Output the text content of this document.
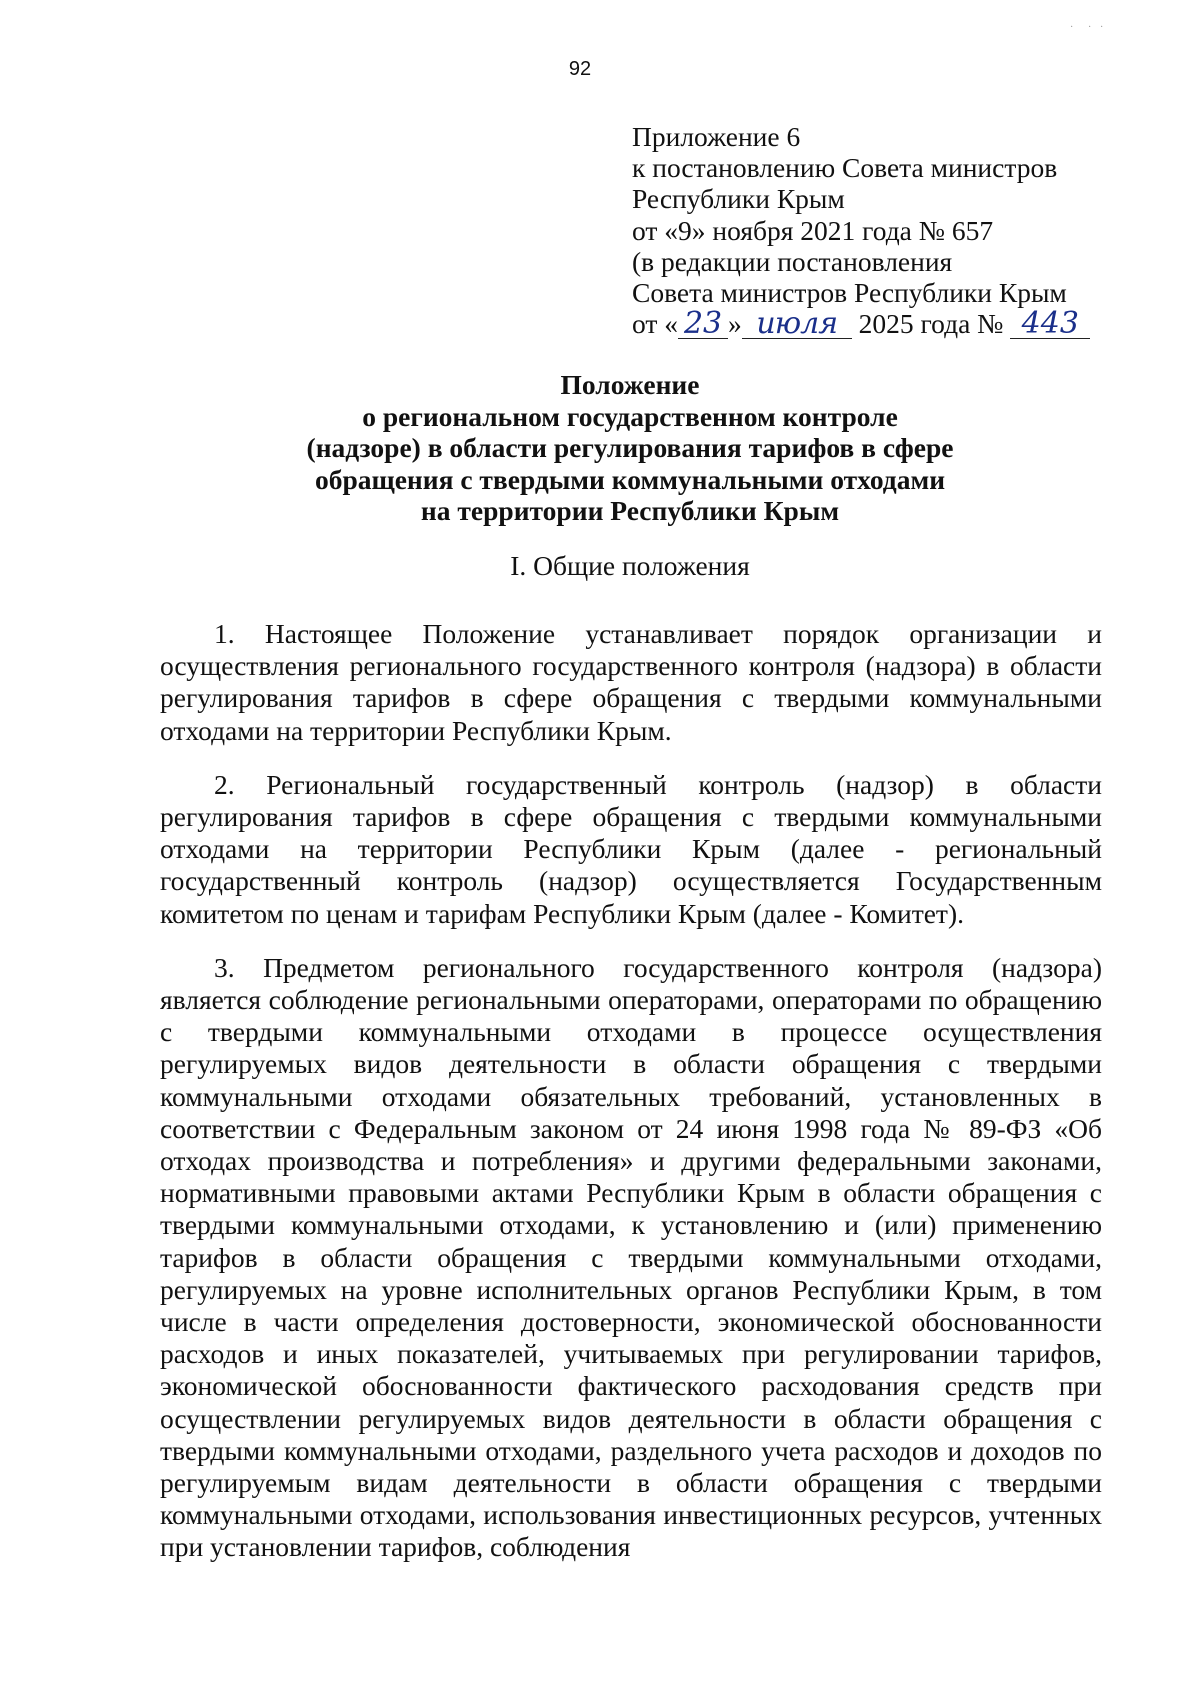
92
Приложение 6
к постановлению Совета министров
Республики Крым
от «9» ноября 2021 года № 657
(в редакции постановления
Совета министров Республики Крым
от « 23 » июля 2025 года № 443
Положение
о региональном государственном контроле
(надзоре) в области регулирования тарифов в сфере
обращения с твердыми коммунальными отходами
на территории Республики Крым
I. Общие положения

1. Настоящее Положение устанавливает порядок организации и осуществления регионального государственного контроля (надзора) в области регулирования тарифов в сфере обращения с твердыми коммунальными отходами на территории Республики Крым.

2. Региональный государственный контроль (надзор) в области регулирования тарифов в сфере обращения с твердыми коммунальными отходами на территории Республики Крым (далее - региональный государственный контроль (надзор) осуществляется Государственным комитетом по ценам и тарифам Республики Крым (далее - Комитет).

3. Предметом регионального государственного контроля (надзора) является соблюдение региональными операторами, операторами по обращению с твердыми коммунальными отходами в процессе осуществления регулируемых видов деятельности в области обращения с твердыми коммунальными отходами обязательных требований, установленных в соответствии с Федеральным законом от 24 июня 1998 года № 89-ФЗ «Об отходах производства и потребления» и другими федеральными законами, нормативными правовыми актами Республики Крым в области обращения с твердыми коммунальными отходами, к установлению и (или) применению тарифов в области обращения с твердыми коммунальными отходами, регулируемых на уровне исполнительных органов Республики Крым, в том числе в части определения достоверности, экономической обоснованности расходов и иных показателей, учитываемых при регулировании тарифов, экономической обоснованности фактического расходования средств при осуществлении регулируемых видов деятельности в области обращения с твердыми коммунальными отходами, раздельного учета расходов и доходов по регулируемым видам деятельности в области обращения с твердыми коммунальными отходами, использования инвестиционных ресурсов, учтенных при установлении тарифов, соблюдения

· · ·
